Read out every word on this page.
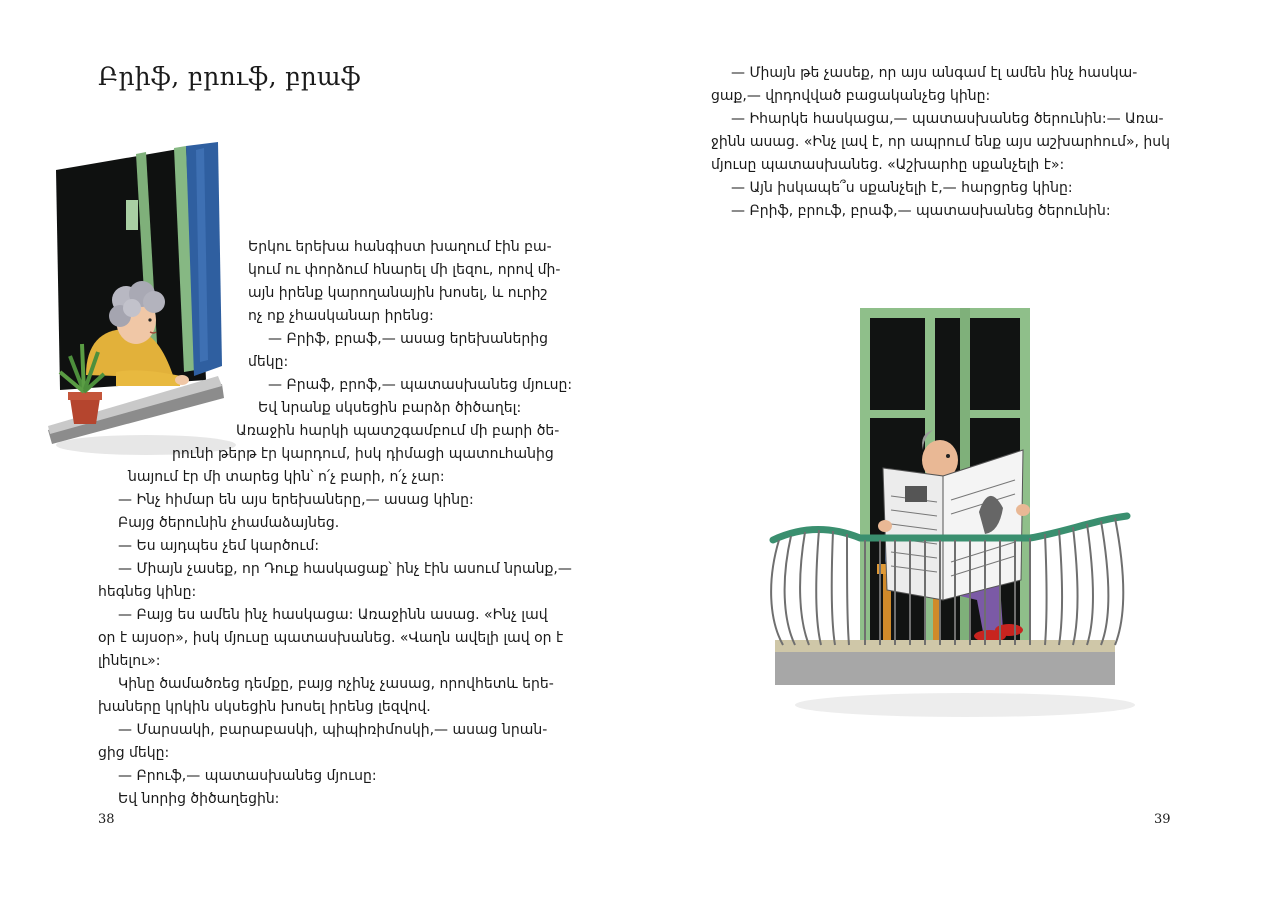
Բրիֆ, բրուֆ, բրաֆ
Երկու երեխա հանգիստ խաղում էին բա-
կում ու փորձում հնարել մի լեզու, որով մի-
այն իրենք կարողանային խոսել, և ուրիշ
ոչ ոք չհասկանար իրենց:
— Բրիֆ, բրաֆ,— ասաց երեխաներից
մեկը:
— Բրաֆ, բրոֆ,— պատասխանեց մյուսը:
Եվ նրանք սկսեցին բարձր ծիծաղել:
Առաջին հարկի պատշգամբում մի բարի ծե-
րունի թերթ էր կարդում, իսկ դիմացի պատուհանից
նայում էր մի տարեց կին՝ ո՛չ բարի, ո՛չ չար:
— Ինչ հիմար են այս երեխաները,— ասաց կինը:
Բայց ծերունին չհամաձայնեց.
— Ես այդպես չեմ կարծում:
— Միայն չասեք, որ Դուք հասկացաք՝ ինչ էին ասում նրանք,—
հեգնեց կինը:
— Բայց ես ամեն ինչ հասկացա: Առաջինն ասաց. «Ինչ լավ
օր է այսօր», իսկ մյուսը պատասխանեց. «Վաղն ավելի լավ օր է
լինելու»:
Կինը ծամածռեց դեմքը, բայց ոչինչ չասաց, որովհետև երե-
խաները կրկին սկսեցին խոսել իրենց լեզվով.
— Մարսակի, բարաբասկի, պիպիռիմոսկի,— ասաց նրան-
ցից մեկը:
— Բրուֆ,— պատասխանեց մյուսը:
Եվ նորից ծիծաղեցին:
38
— Միայն թե չասեք, որ այս անգամ էլ ամեն ինչ հասկա-
ցաք,— վրդովված բացականչեց կինը:
— Իհարկե հասկացա,— պատասխանեց ծերունին:— Առա-
ջինն ասաց. «Ինչ լավ է, որ ապրում ենք այս աշխարհում», իսկ
մյուսը պատասխանեց. «Աշխարհը սքանչելի է»:
— Այն իսկապե՞ս սքանչելի է,— հարցրեց կինը:
— Բրիֆ, բրուֆ, բրաֆ,— պատասխանեց ծերունին:
39
